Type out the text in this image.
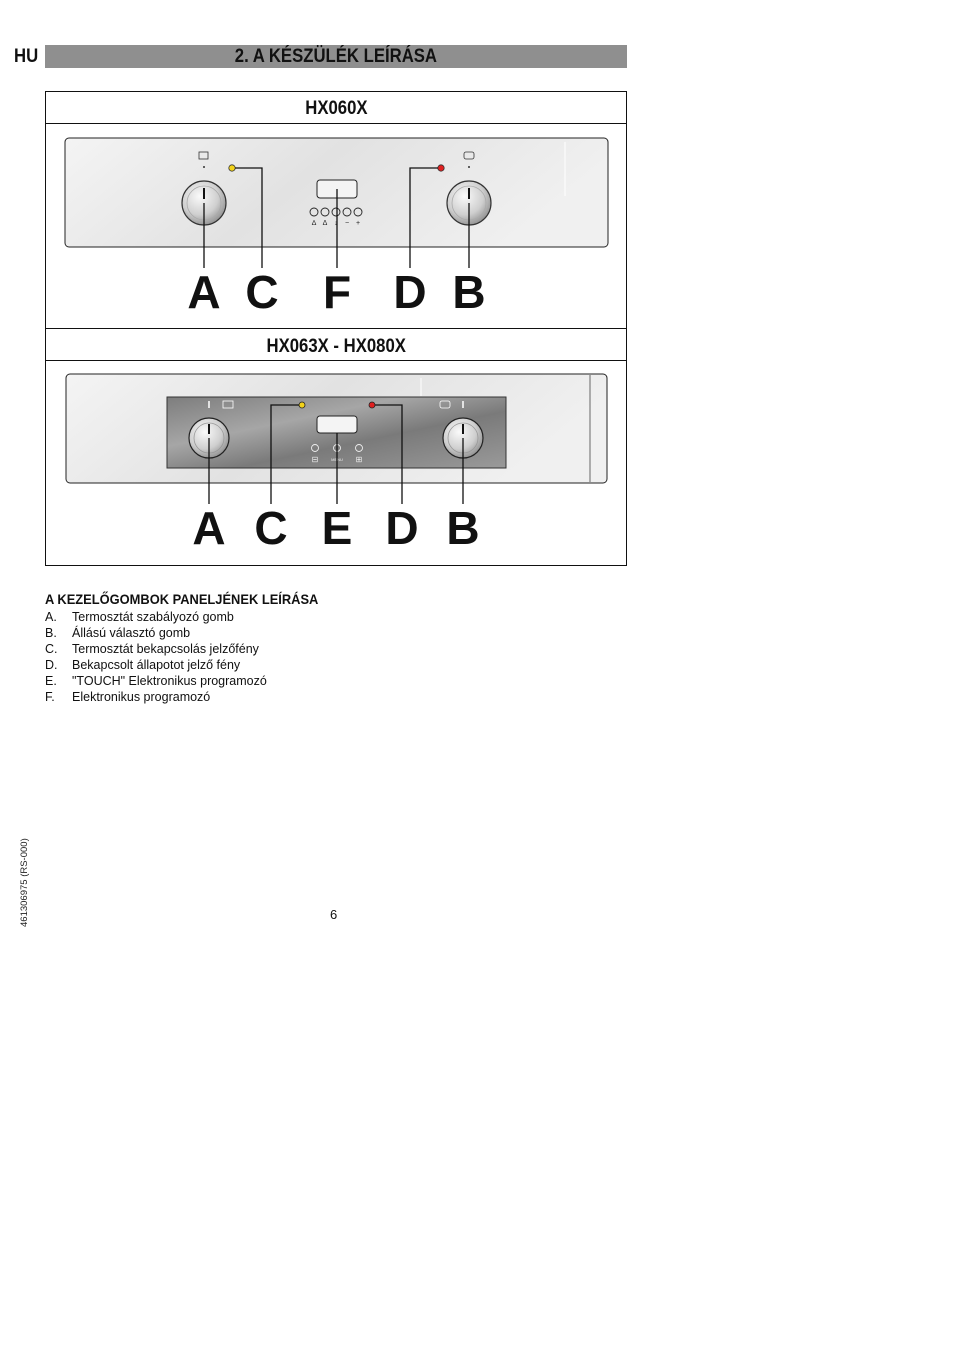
HU	2. A KÉSZÜLÉK LEÍRÁSA
HX060X
HX063X - HX080X
∆ Δ ↓ − +
A C F D B
⊟	MENU ⊞
A C E D B
A KEZELŐGOMBOK PANELJÉNEK LEÍRÁSA
A. Termosztát szabályozó gomb
B. Állású választó gomb
C. Termosztát bekapcsolás jelzőfény
D. Bekapcsolt állapotot jelző fény
E. "TOUCH" Elektronikus programozó
F. Elektronikus programozó
6
461306975 (RS-000)
